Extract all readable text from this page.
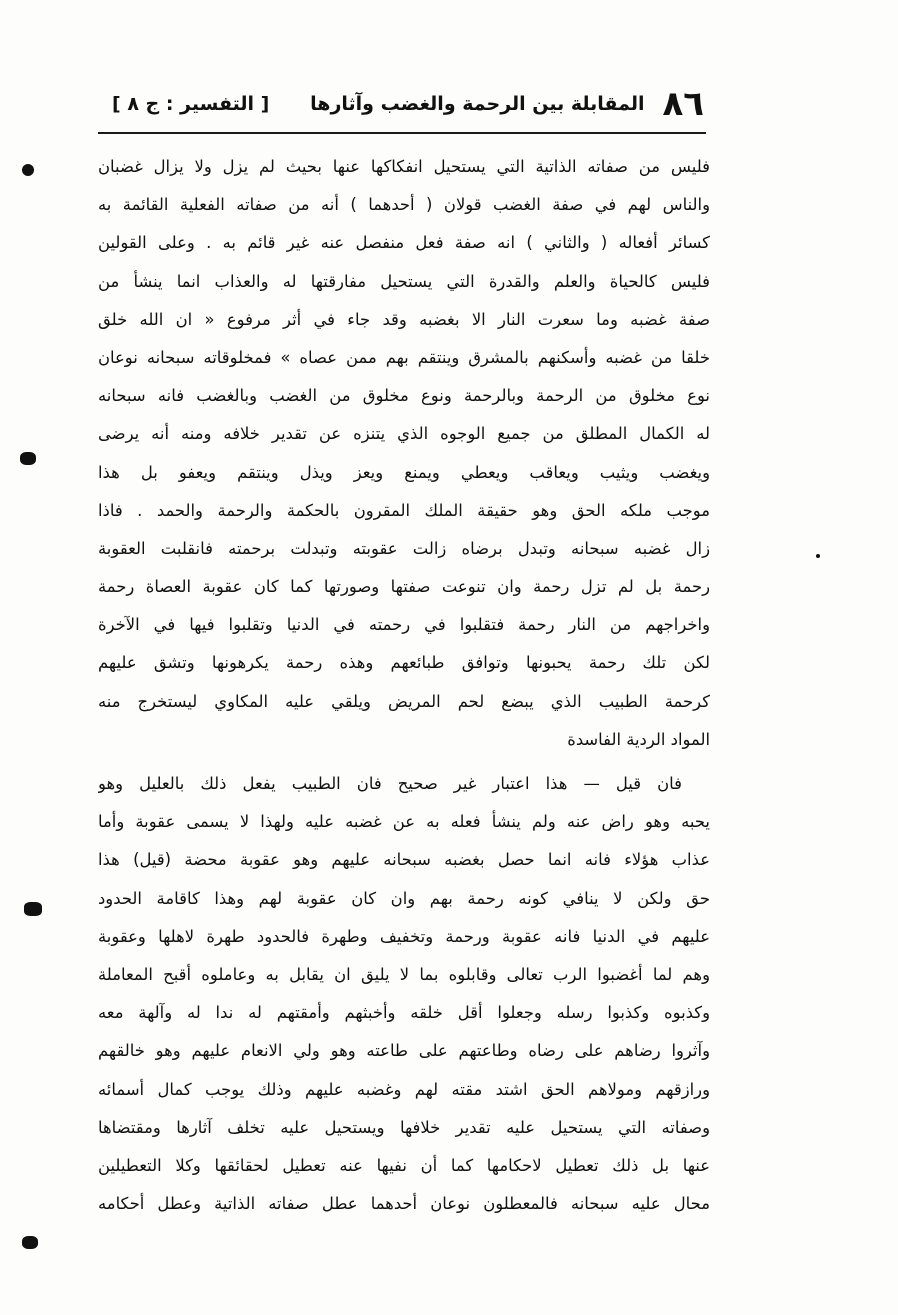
٨٦
المقابلة بين الرحمة والغضب وآثارها
[ التفسير : ج ٨ ]
فليس من صفاته الذاتية التي يستحيل انفكاكها عنها بحيث لم يزل ولا يزال غضبان
والناس لهم في صفة الغضب قولان ( أحدهما ) أنه من صفاته الفعلية القائمة به
كسائر أفعاله ( والثاني ) انه صفة فعل منفصل عنه غير قائم به . وعلى القولين
فليس كالحياة والعلم والقدرة التي يستحيل مفارقتها له والعذاب انما ينشأ من
صفة غضبه وما سعرت النار الا بغضبه وقد جاء في أثر مرفوع « ان الله خلق
خلقا من غضبه وأسكنهم بالمشرق وينتقم بهم ممن عصاه » فمخلوقاته سبحانه نوعان
نوع مخلوق من الرحمة وبالرحمة ونوع مخلوق من الغضب وبالغضب فانه سبحانه
له الكمال المطلق من جميع الوجوه الذي يتنزه عن تقدير خلافه ومنه أنه يرضى
ويغضب ويثيب ويعاقب ويعطي ويمنع ويعز ويذل وينتقم ويعفو بل هذا
موجب ملكه الحق وهو حقيقة الملك المقرون بالحكمة والرحمة والحمد . فاذا
زال غضبه سبحانه وتبدل برضاه زالت عقوبته وتبدلت برحمته فانقلبت العقوبة
رحمة بل لم تزل رحمة وان تنوعت صفتها وصورتها كما كان عقوبة العصاة رحمة
واخراجهم من النار رحمة فتقلبوا في رحمته في الدنيا وتقلبوا فيها في الآخرة
لكن تلك رحمة يحبونها وتوافق طبائعهم وهذه رحمة يكرهونها وتشق عليهم
كرحمة الطبيب الذي يبضع لحم المريض ويلقي عليه المكاوي ليستخرج منه
المواد الردية الفاسدة
فان قيل — هذا اعتبار غير صحيح فان الطبيب يفعل ذلك بالعليل وهو
يحبه وهو راض عنه ولم ينشأ فعله به عن غضبه عليه ولهذا لا يسمى عقوبة وأما
عذاب هؤلاء فانه انما حصل بغضبه سبحانه عليهم وهو عقوبة محضة (قيل) هذا
حق ولكن لا ينافي كونه رحمة بهم وان كان عقوبة لهم وهذا كاقامة الحدود
عليهم في الدنيا فانه عقوبة ورحمة وتخفيف وطهرة فالحدود طهرة لاهلها وعقوبة
وهم لما أغضبوا الرب تعالى وقابلوه بما لا يليق ان يقابل به وعاملوه أقبح المعاملة
وكذبوه وكذبوا رسله وجعلوا أقل خلقه وأخبثهم وأمقتهم له ندا له وآلهة معه
وآثروا رضاهم على رضاه وطاعتهم على طاعته وهو ولي الانعام عليهم وهو خالقهم
ورازقهم ومولاهم الحق اشتد مقته لهم وغضبه عليهم وذلك يوجب كمال أسمائه
وصفاته التي يستحيل عليه تقدير خلافها ويستحيل عليه تخلف آثارها ومقتضاها
عنها بل ذلك تعطيل لاحكامها كما أن نفيها عنه تعطيل لحقائقها وكلا التعطيلين
محال عليه سبحانه فالمعطلون نوعان أحدهما عطل صفاته الذاتية وعطل أحكامه
